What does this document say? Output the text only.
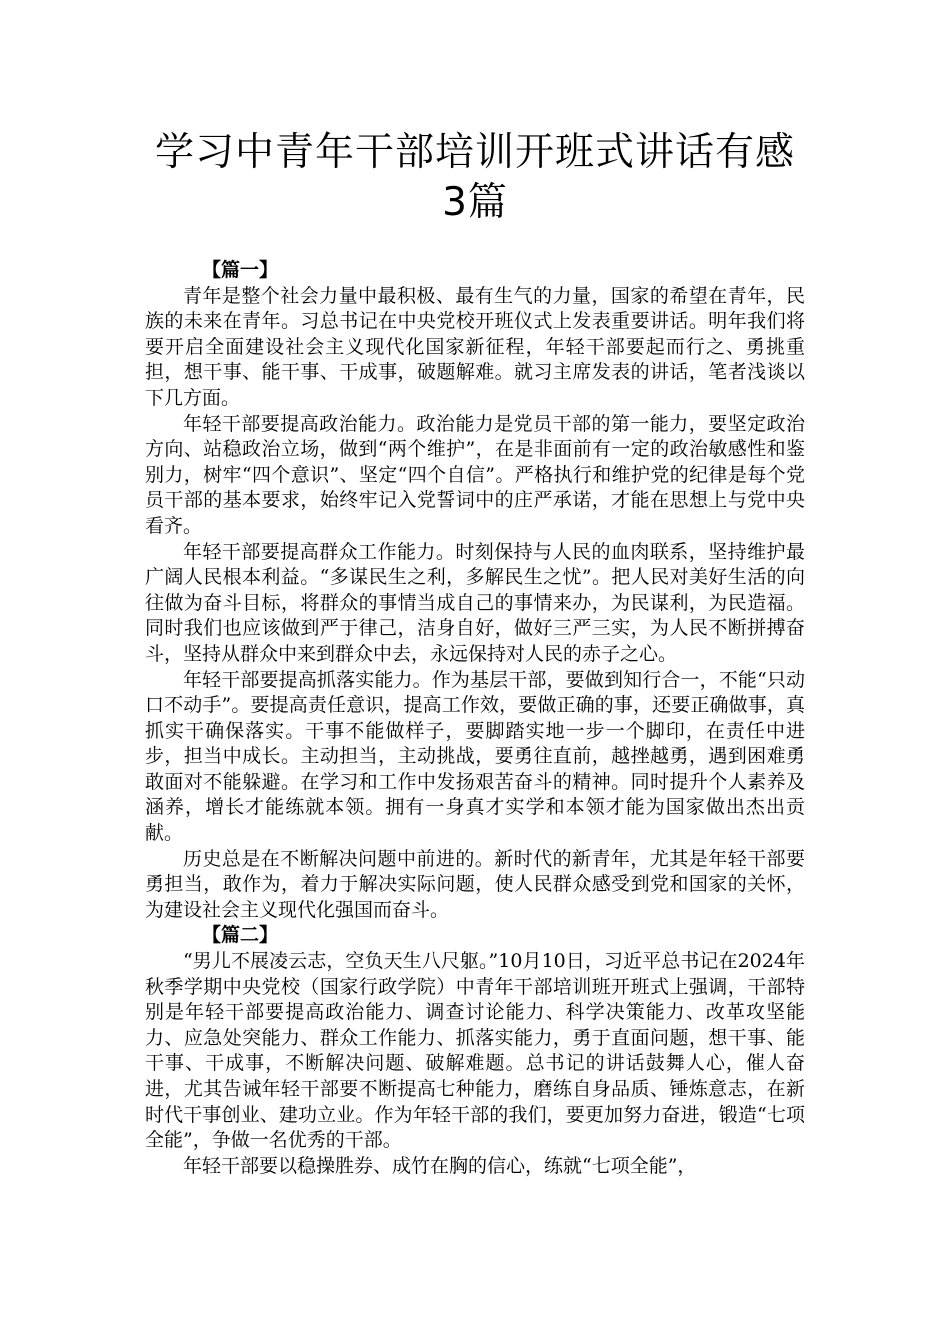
学习中青年干部培训开班式讲话有感3篇

【篇一】

青年是整个社会力量中最积极、最有生气的力量，国家的希望在青年，民族的未来在青年。习总书记在中央党校开班仪式上发表重要讲话。明年我们将要开启全面建设社会主义现代化国家新征程，年轻干部要起而行之、勇挑重担，想干事、能干事、干成事，破题解难。就习主席发表的讲话，笔者浅谈以下几方面。

年轻干部要提高政治能力。政治能力是党员干部的第一能力，要坚定政治方向、站稳政治立场，做到“两个维护”，在是非面前有一定的政治敏感性和鉴别力，树牢“四个意识”、坚定“四个自信”。严格执行和维护党的纪律是每个党员干部的基本要求，始终牢记入党誓词中的庄严承诺，才能在思想上与党中央看齐。

年轻干部要提高群众工作能力。时刻保持与人民的血肉联系，坚持维护最广阔人民根本利益。“多谋民生之利，多解民生之忧”。把人民对美好生活的向往做为奋斗目标，将群众的事情当成自己的事情来办，为民谋利，为民造福。同时我们也应该做到严于律己，洁身自好，做好三严三实，为人民不断拼搏奋斗，坚持从群众中来到群众中去，永远保持对人民的赤子之心。

年轻干部要提高抓落实能力。作为基层干部，要做到知行合一，不能“只动口不动手”。要提高责任意识，提高工作效，要做正确的事，还要正确做事，真抓实干确保落实。干事不能做样子，要脚踏实地一步一个脚印，在责任中进步，担当中成长。主动担当，主动挑战，要勇往直前，越挫越勇，遇到困难勇敢面对不能躲避。在学习和工作中发扬艰苦奋斗的精神。同时提升个人素养及涵养，增长才能练就本领。拥有一身真才实学和本领才能为国家做出杰出贡献。

历史总是在不断解决问题中前进的。新时代的新青年，尤其是年轻干部要勇担当，敢作为，着力于解决实际问题，使人民群众感受到党和国家的关怀，为建设社会主义现代化强国而奋斗。

【篇二】

“男儿不展凌云志，空负天生八尺躯。”10月10日，习近平总书记在2024年秋季学期中央党校（国家行政学院）中青年干部培训班开班式上强调，干部特别是年轻干部要提高政治能力、调查讨论能力、科学决策能力、改革攻坚能力、应急处突能力、群众工作能力、抓落实能力，勇于直面问题，想干事、能干事、干成事，不断解决问题、破解难题。总书记的讲话鼓舞人心，催人奋进，尤其告诫年轻干部要不断提高七种能力，磨练自身品质、锤炼意志，在新时代干事创业、建功立业。作为年轻干部的我们，要更加努力奋进，锻造“七项全能”，争做一名优秀的干部。

年轻干部要以稳操胜券、成竹在胸的信心，练就“七项全能”，
